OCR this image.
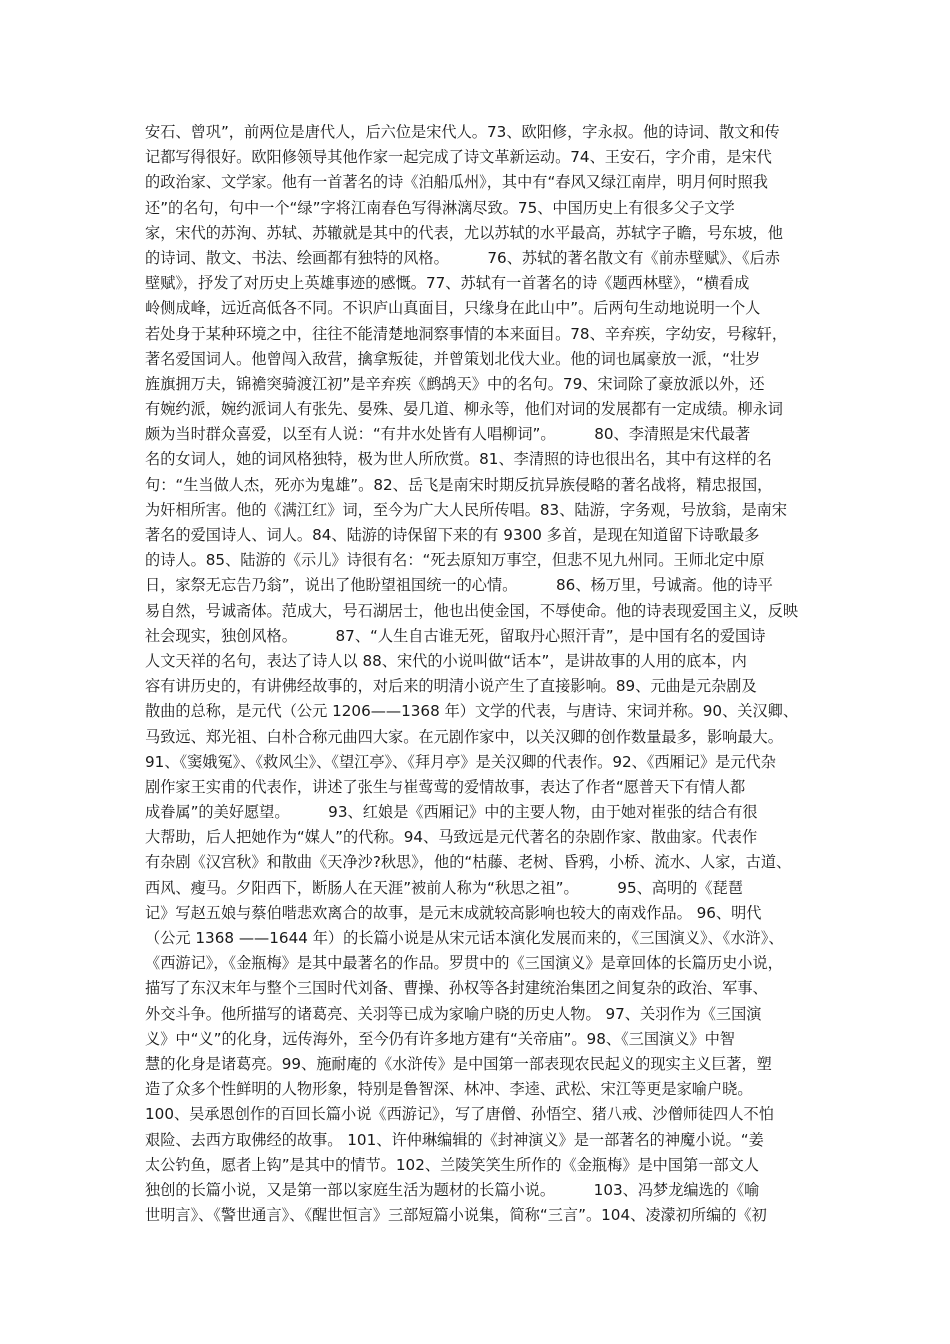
安石、曾巩”，前两位是唐代人，后六位是宋代人。73、欧阳修，字永叔。他的诗词、散文和传
记都写得很好。欧阳修领导其他作家一起完成了诗文革新运动。74、王安石，字介甫，是宋代
的政治家、文学家。他有一首著名的诗《泊船瓜州》，其中有“春风又绿江南岸，明月何时照我
还”的名句，句中一个“绿”字将江南春色写得淋漓尽致。75、中国历史上有很多父子文学
家，宋代的苏洵、苏轼、苏辙就是其中的代表，尤以苏轼的水平最高，苏轼字子瞻，号东坡，他
的诗词、散文、书法、绘画都有独特的风格。        76、苏轼的著名散文有《前赤壁赋》、《后赤
壁赋》，抒发了对历史上英雄事迹的感慨。77、苏轼有一首著名的诗《题西林壁》，“横看成
岭侧成峰，远近高低各不同。不识庐山真面目，只缘身在此山中”。后两句生动地说明一个人
若处身于某种环境之中，往往不能清楚地洞察事情的本来面目。78、辛弃疾，字幼安，号稼轩，
著名爱国词人。他曾闯入敌营，擒拿叛徒，并曾策划北伐大业。他的词也属豪放一派，“壮岁
旌旗拥万夫，锦襜突骑渡江初”是辛弃疾《鹧鸪天》中的名句。79、宋词除了豪放派以外，还
有婉约派，婉约派词人有张先、晏殊、晏几道、柳永等，他们对词的发展都有一定成绩。柳永词
颇为当时群众喜爱，以至有人说：“有井水处皆有人唱柳词”。        80、李清照是宋代最著
名的女词人，她的词风格独特，极为世人所欣赏。81、李清照的诗也很出名，其中有这样的名
句：“生当做人杰，死亦为鬼雄”。82、岳飞是南宋时期反抗异族侵略的著名战将，精忠报国，
为奸相所害。他的《满江红》词，至今为广大人民所传唱。83、陆游，字务观，号放翁，是南宋
著名的爱国诗人、词人。84、陆游的诗保留下来的有 9300 多首，是现在知道留下诗歌最多
的诗人。85、陆游的《示儿》诗很有名：“死去原知万事空，但悲不见九州同。王师北定中原
日，家祭无忘告乃翁”，说出了他盼望祖国统一的心情。        86、杨万里，号诚斋。他的诗平
易自然，号诚斋体。范成大，号石湖居士，他也出使金国，不辱使命。他的诗表现爱国主义，反映
社会现实，独创风格。        87、“人生自古谁无死，留取丹心照汗青”，是中国有名的爱国诗
人文天祥的名句，表达了诗人以 88、宋代的小说叫做“话本”，是讲故事的人用的底本，内
容有讲历史的，有讲佛经故事的，对后来的明清小说产生了直接影响。89、元曲是元杂剧及
散曲的总称，是元代（公元 1206——1368 年）文学的代表，与唐诗、宋词并称。90、关汉卿、
马致远、郑光祖、白朴合称元曲四大家。在元剧作家中，以关汉卿的创作数量最多，影响最大。
91、《窦娥冤》、《救风尘》、《望江亭》、《拜月亭》是关汉卿的代表作。92、《西厢记》是元代杂
剧作家王实甫的代表作，讲述了张生与崔莺莺的爱情故事，表达了作者“愿普天下有情人都
成眷属”的美好愿望。        93、红娘是《西厢记》中的主要人物，由于她对崔张的结合有很
大帮助，后人把她作为“媒人”的代称。94、马致远是元代著名的杂剧作家、散曲家。代表作
有杂剧《汉宫秋》和散曲《天净沙?秋思》，他的“枯藤、老树、昏鸦，小桥、流水、人家，古道、
西风、瘦马。夕阳西下，断肠人在天涯”被前人称为“秋思之祖”。        95、高明的《琵琶
记》写赵五娘与蔡伯喈悲欢离合的故事，是元末成就较高影响也较大的南戏作品。 96、明代
（公元 1368 ——1644 年）的长篇小说是从宋元话本演化发展而来的，《三国演义》、《水浒》、
《西游记》，《金瓶梅》是其中最著名的作品。罗贯中的《三国演义》是章回体的长篇历史小说，
描写了东汉末年与整个三国时代刘备、曹操、孙权等各封建统治集团之间复杂的政治、军事、
外交斗争。他所描写的诸葛亮、关羽等已成为家喻户晓的历史人物。 97、关羽作为《三国演
义》中“义”的化身，远传海外，至今仍有许多地方建有“关帝庙”。98、《三国演义》中智
慧的化身是诸葛亮。99、施耐庵的《水浒传》是中国第一部表现农民起义的现实主义巨著，塑
造了众多个性鲜明的人物形象，特别是鲁智深、林冲、李逵、武松、宋江等更是家喻户晓。
100、吴承恩创作的百回长篇小说《西游记》，写了唐僧、孙悟空、猪八戒、沙僧师徒四人不怕
艰险、去西方取佛经的故事。 101、许仲琳编辑的《封神演义》是一部著名的神魔小说。“姜
太公钓鱼，愿者上钩”是其中的情节。102、兰陵笑笑生所作的《金瓶梅》是中国第一部文人
独创的长篇小说，又是第一部以家庭生活为题材的长篇小说。        103、冯梦龙编选的《喻
世明言》、《警世通言》、《醒世恒言》三部短篇小说集，简称“三言”。104、凌濛初所编的《初
